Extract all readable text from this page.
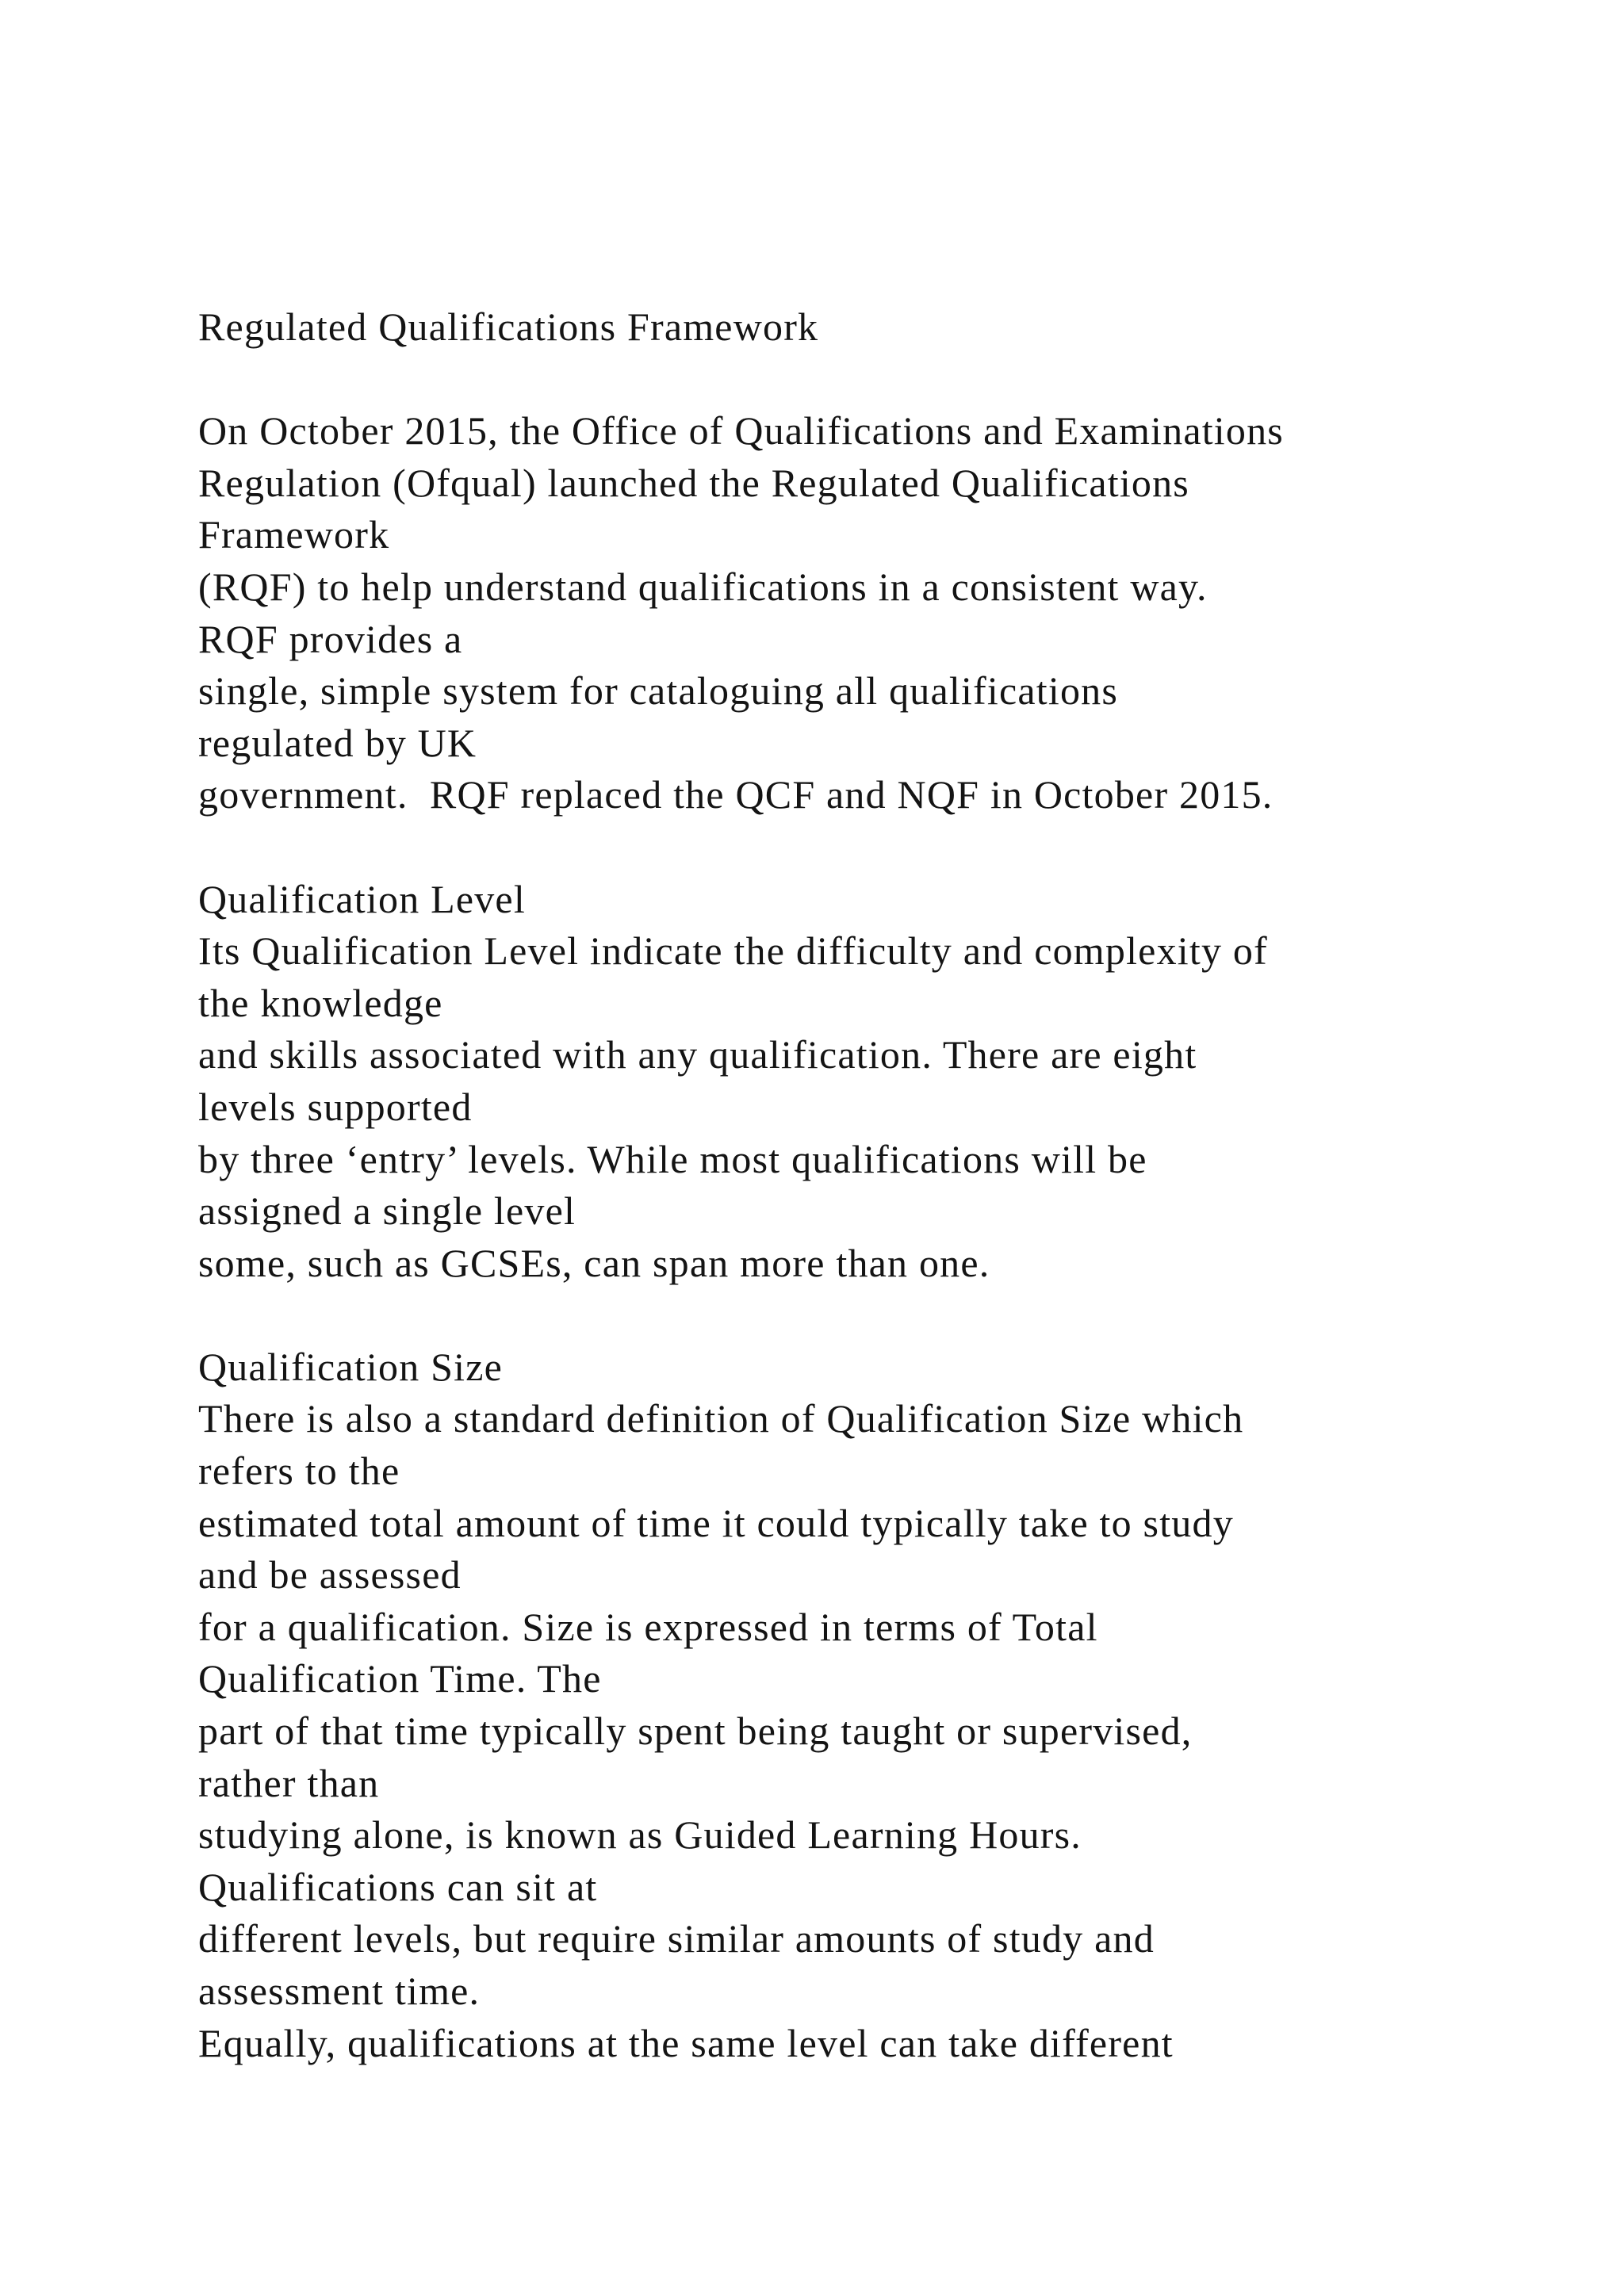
Regulated Qualifications Framework
On October 2015, the Office of Qualifications and Examinations
Regulation (Ofqual) launched the Regulated Qualifications
Framework
(RQF) to help understand qualifications in a consistent way.
RQF provides a
single, simple system for cataloguing all qualifications
regulated by UK
government.  RQF replaced the QCF and NQF in October 2015.
Qualification Level
Its Qualification Level indicate the difficulty and complexity of
the knowledge
and skills associated with any qualification. There are eight
levels supported
by three ‘entry’ levels. While most qualifications will be
assigned a single level
some, such as GCSEs, can span more than one.
Qualification Size
There is also a standard definition of Qualification Size which
refers to the
estimated total amount of time it could typically take to study
and be assessed
for a qualification. Size is expressed in terms of Total
Qualification Time. The
part of that time typically spent being taught or supervised,
rather than
studying alone, is known as Guided Learning Hours.
Qualifications can sit at
different levels, but require similar amounts of study and
assessment time.
Equally, qualifications at the same level can take different
